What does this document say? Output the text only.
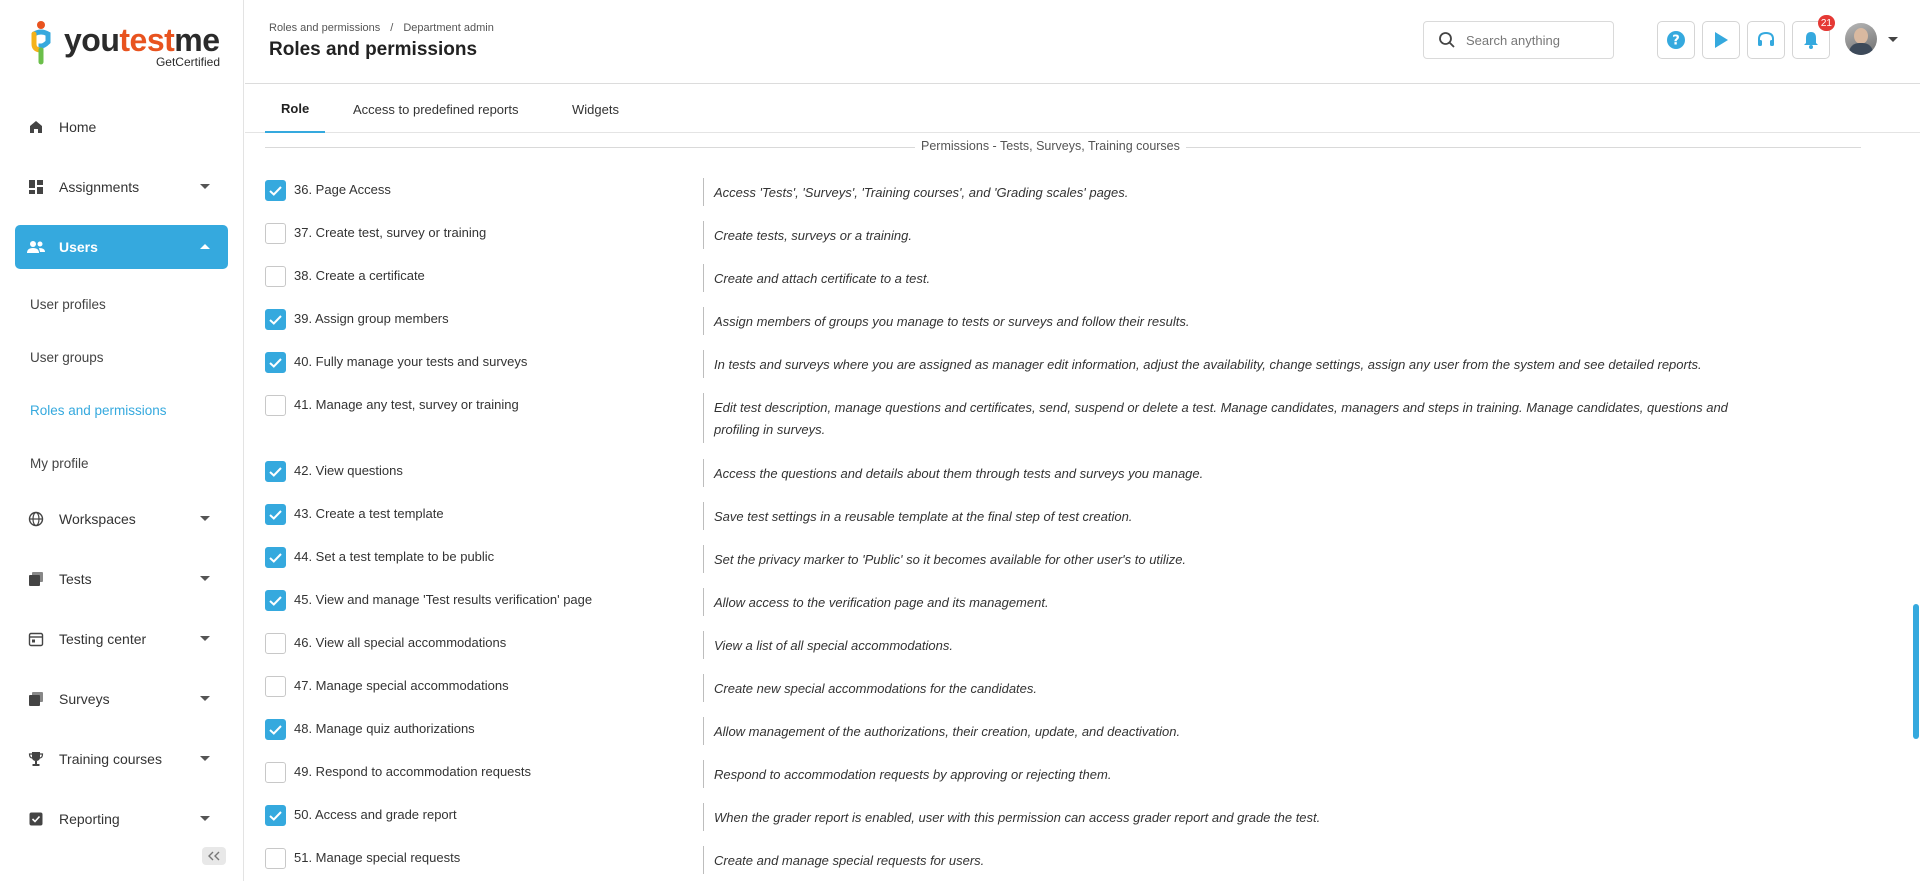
youtestme
GetCertified
Home
Assignments
Users
User profiles
User groups
Roles and permissions
My profile
Workspaces
Tests
Testing center
Surveys
Training courses
Reporting
Roles and permissions / Department admin
Roles and permissions	Search anything	?
21
Role	Access to predefined reports	Widgets
Permissions - Tests, Surveys, Training courses
36. Page Access	Access 'Tests', 'Surveys', 'Training courses', and 'Grading scales' pages.
37. Create test, survey or training	Create tests, surveys or a training.
38. Create a certificate	Create and attach certificate to a test.
39. Assign group members	Assign members of groups you manage to tests or surveys and follow their results.
40. Fully manage your tests and surveys	In tests and surveys where you are assigned as manager edit information, adjust the availability, change settings, assign any user from the system and see detailed reports.
41. Manage any test, survey or training	Edit test description, manage questions and certificates, send, suspend or delete a test. Manage candidates, managers and steps in training. Manage candidates, questions and profiling in surveys.
42. View questions	Access the questions and details about them through tests and surveys you manage.
43. Create a test template	Save test settings in a reusable template at the final step of test creation.
44. Set a test template to be public	Set the privacy marker to 'Public' so it becomes available for other user's to utilize.
45. View and manage 'Test results verification' page	Allow access to the verification page and its management.
46. View all special accommodations	View a list of all special accommodations.
47. Manage special accommodations	Create new special accommodations for the candidates.
48. Manage quiz authorizations	Allow management of the authorizations, their creation, update, and deactivation.
49. Respond to accommodation requests	Respond to accommodation requests by approving or rejecting them.
50. Access and grade report	When the grader report is enabled, user with this permission can access grader report and grade the test.
51. Manage special requests	Create and manage special requests for users.
